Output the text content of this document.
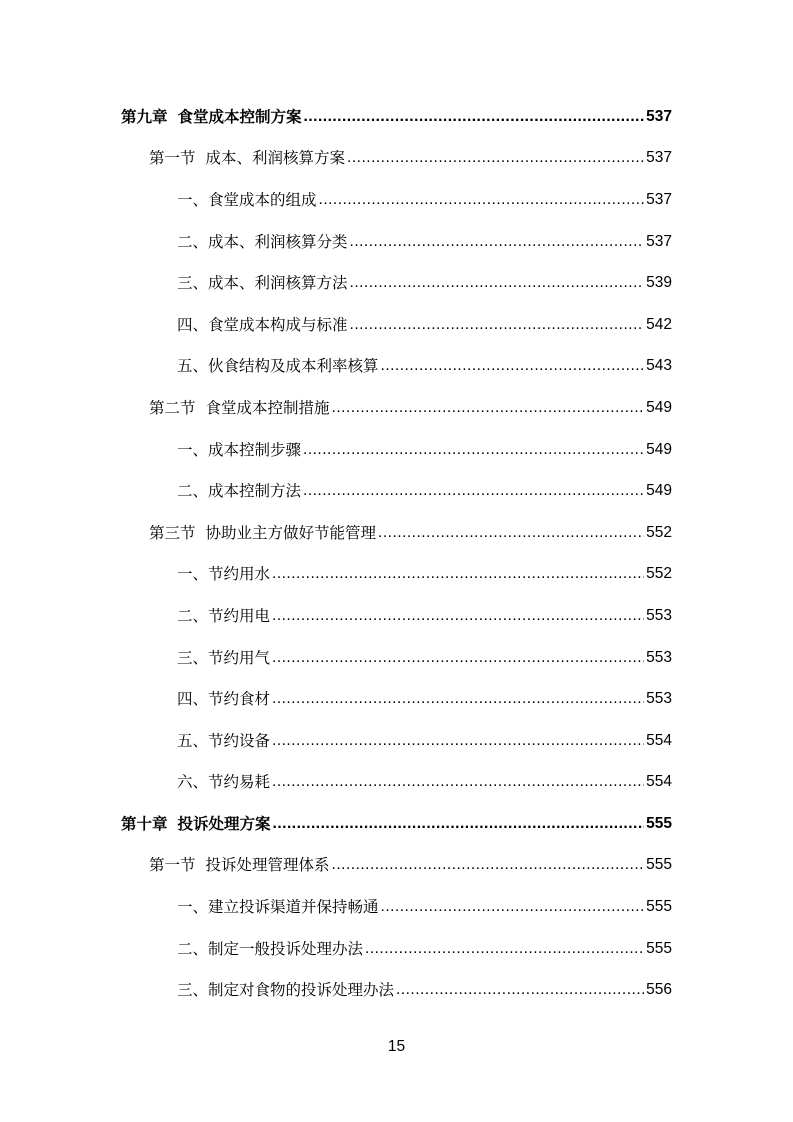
第九章 食堂成本控制方案 .....	537
第一节 成本、利润核算方案 .....	537
一、食堂成本的组成 .....	537
二、成本、利润核算分类 .....	537
三、成本、利润核算方法 .....	539
四、食堂成本构成与标准 .....	542
五、伙食结构及成本利率核算 .....	543
第二节 食堂成本控制措施 .....	549
一、成本控制步骤 .....	549
二、成本控制方法 .....	549
第三节 协助业主方做好节能管理 .....	552
一、节约用水 .....	552
二、节约用电 .....	553
三、节约用气 .....	553
四、节约食材 .....	553
五、节约设备 .....	554
六、节约易耗 .....	554
第十章 投诉处理方案 .....	555
第一节 投诉处理管理体系 .....	555
一、建立投诉渠道并保持畅通 .....	555
二、制定一般投诉处理办法 .....	555
三、制定对食物的投诉处理办法 .....	556
15
